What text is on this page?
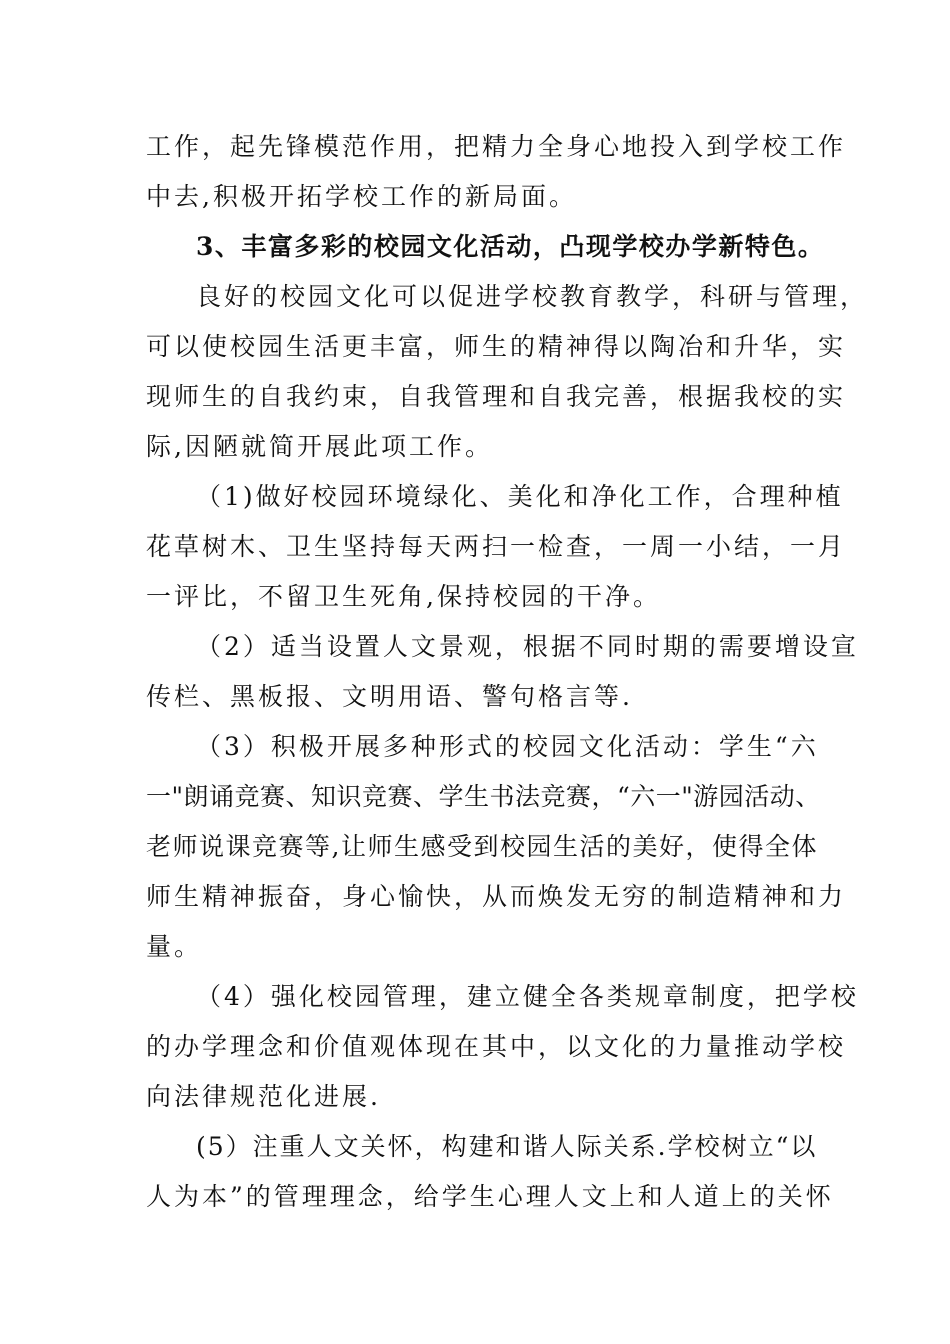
工作，起先锋模范作用，把精力全身心地投入到学校工作
中去,积极开拓学校工作的新局面。
3、丰富多彩的校园文化活动，凸现学校办学新特色。
良好的校园文化可以促进学校教育教学，科研与管理，
可以使校园生活更丰富，师生的精神得以陶冶和升华，实
现师生的自我约束，自我管理和自我完善，根据我校的实
际,因陋就简开展此项工作。
（1)做好校园环境绿化、美化和净化工作，合理种植
花草树木、卫生坚持每天两扫一检查，一周一小结，一月
一评比，不留卫生死角,保持校园的干净。
（2）适当设置人文景观，根据不同时期的需要增设宣
传栏、黑板报、文明用语、警句格言等.
（3）积极开展多种形式的校园文化活动：学生“六
一"朗诵竞赛、知识竞赛、学生书法竞赛，“六一"游园活动、
老师说课竞赛等,让师生感受到校园生活的美好，使得全体
师生精神振奋，身心愉快，从而焕发无穷的制造精神和力
量。
（4）强化校园管理，建立健全各类规章制度，把学校
的办学理念和价值观体现在其中，以文化的力量推动学校
向法律规范化进展.
(5）注重人文关怀，构建和谐人际关系.学校树立“以
人为本”的管理理念，给学生心理人文上和人道上的关怀
